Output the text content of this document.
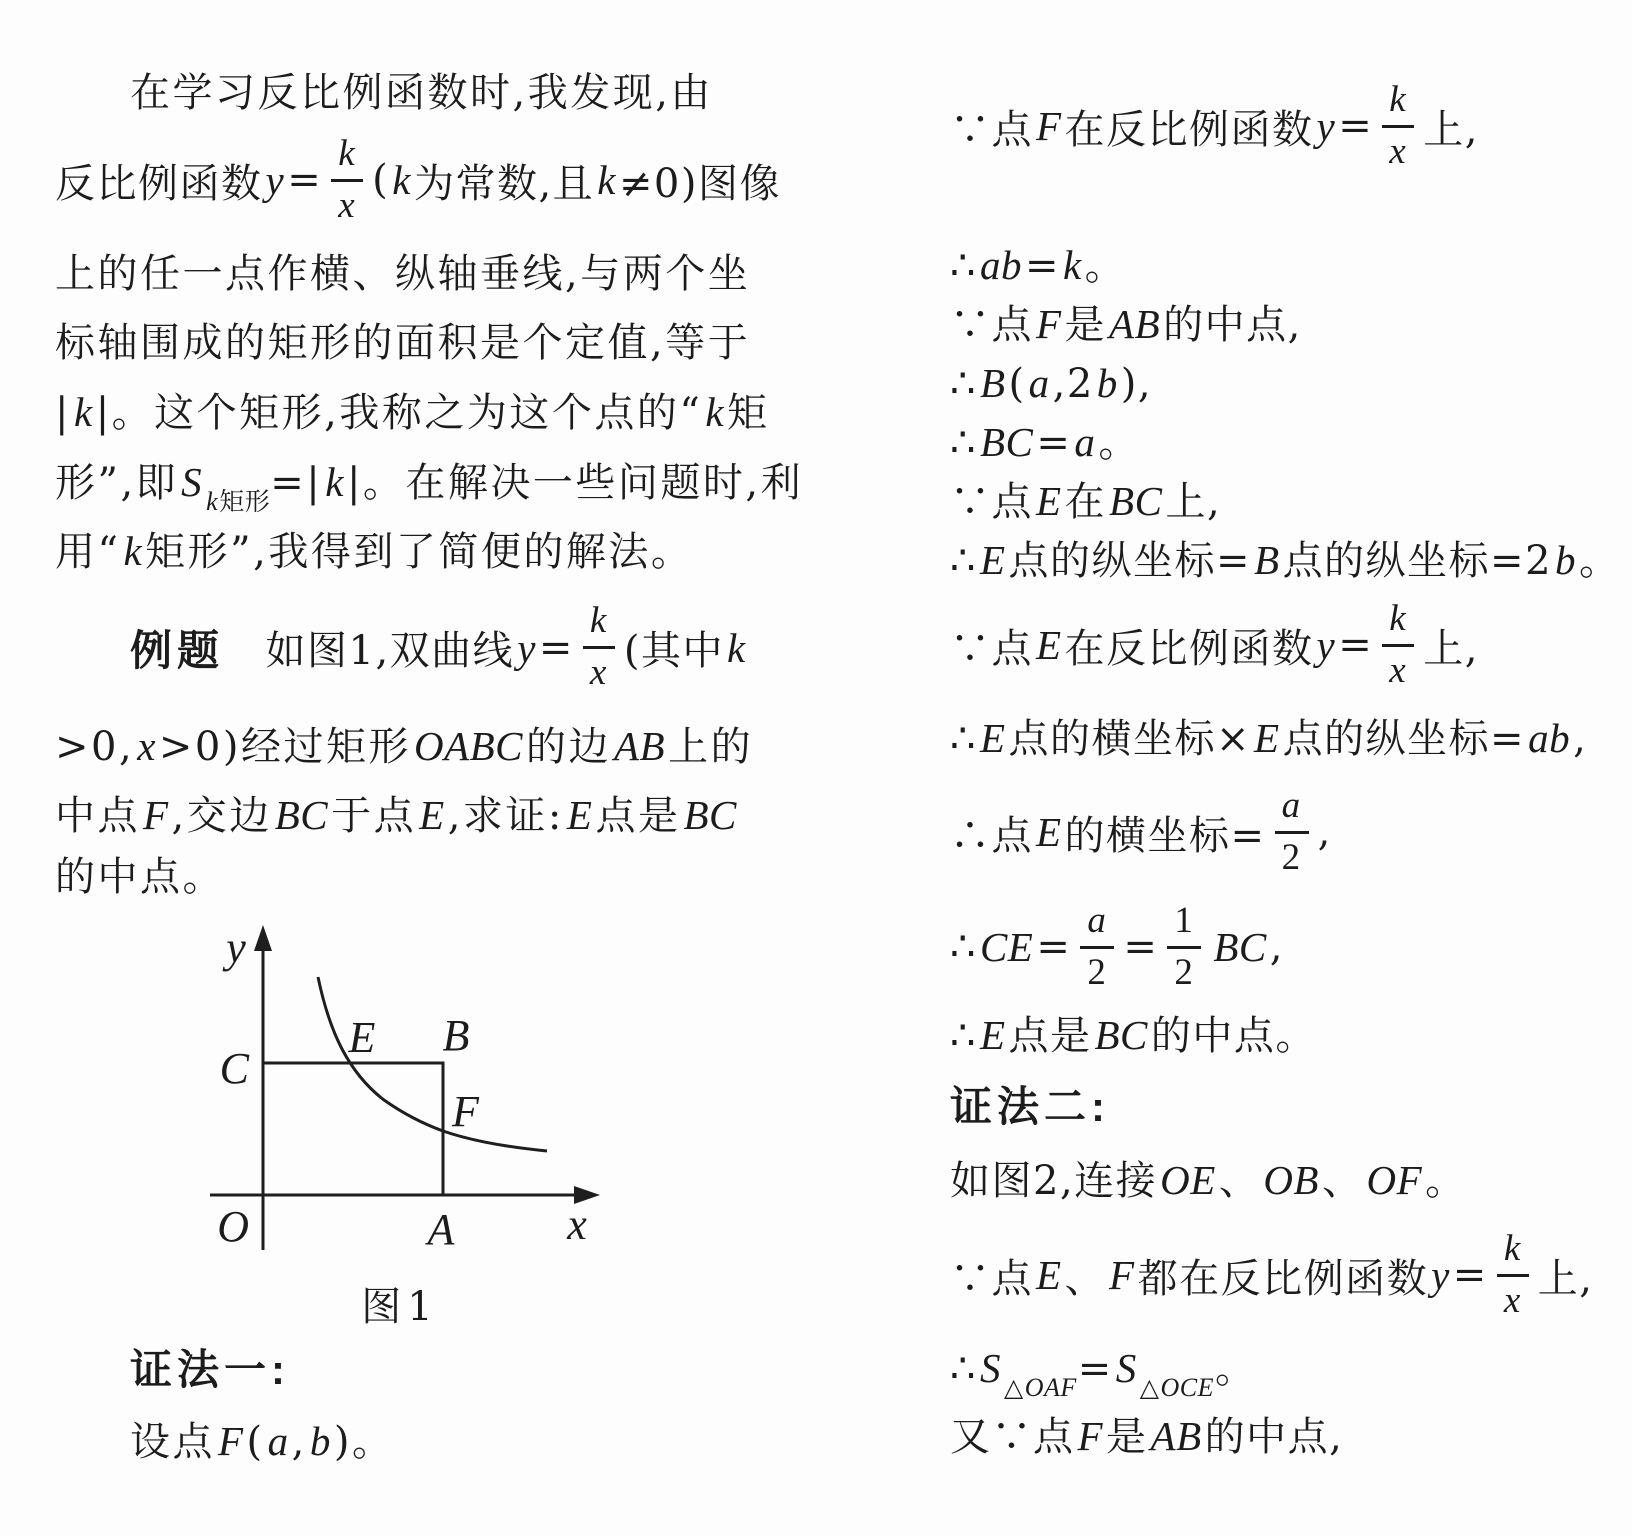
在学习反比例函数时,我发现,由
反比例函数 $y = \frac{k}{x}$ ( k 为常数,且 k ≠0)图像
上的任一点作横、纵轴垂线,与两个坐
标轴围成的矩形的面积是个定值,等于
|k|。这个矩形,我称之为这个点的“k矩
形”,即S $_{k矩形}$=|k|。在解决一些问题时,利
用“k矩形”,我得到了简便的解法。
例题 　如图1,双曲线 $y = \frac{k}{x}$ (其中 k
>0,x>0)经过矩形OABC的边AB上的
中点F,交边BC于点E,求证:E点是BC
的中点。
y
C
E B
F
O	A	x
图1
证法一:
设点F(a,b)。
∵点 F 在反比例函数 $y = \frac{k}{x}$ 上,
∴ab=k。
∵点F是AB的中点,
∴B(a,2b),
∴BC=a。
∵点E在BC上,
∴E点的纵坐标=B点的纵坐标=2b。
∵点 E 在反比例函数 $y = \frac{k}{x}$ 上,
∴E点的横坐标×E点的纵坐标=ab,
∴点 E 的横坐标= $\frac{a}{2}$ ,
∴ CE = $\frac{a}{2} = \frac{1}{2}$ BC ,
∴E点是BC的中点。
证法二:
如图2,连接OE、OB、OF。
∵点 E 、 F 都在反比例函数 $y = \frac{k}{x}$ 上,
∴S $_{\triangle OAF}$=S $_{\triangle OCE}$。
又∵点F是AB的中点,
